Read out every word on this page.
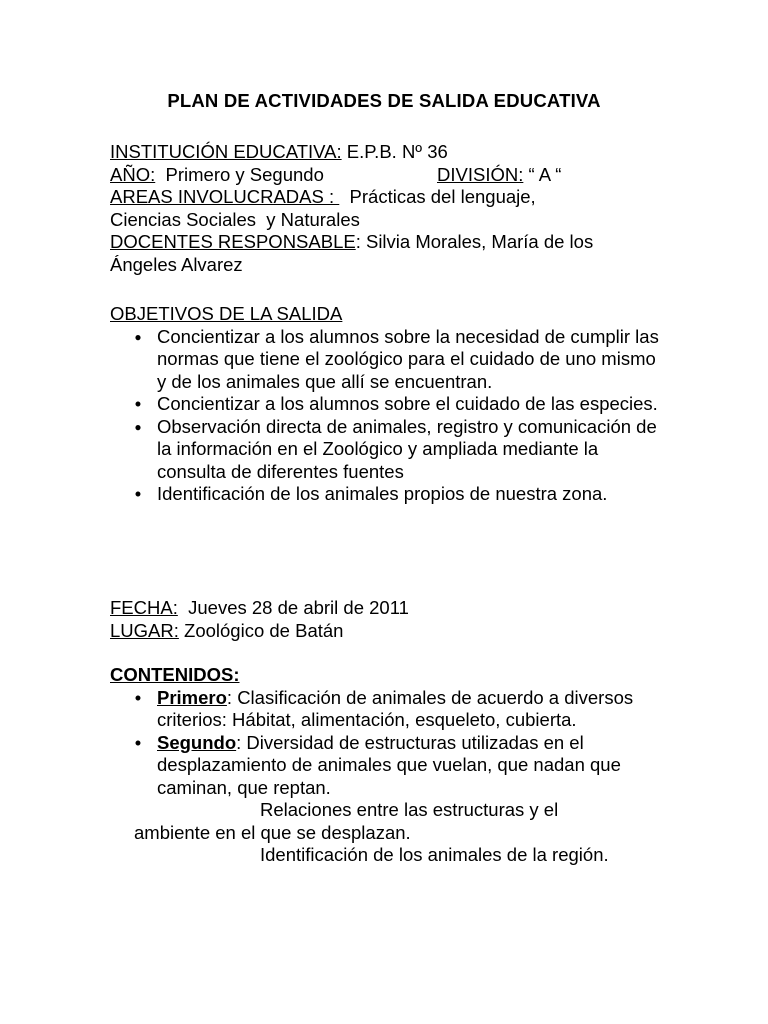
PLAN DE ACTIVIDADES DE SALIDA EDUCATIVA
INSTITUCIÓN EDUCATIVA: E.P.B. Nº 36
AÑO:  Primero y Segundo	DIVISIÓN: “ A “
AREAS INVOLUCRADAS :   Prácticas del lenguaje,
Ciencias Sociales  y Naturales
DOCENTES RESPONSABLE: Silvia Morales, María de los
Ángeles Alvarez
OBJETIVOS DE LA SALIDA
● Concientizar a los alumnos sobre la necesidad de cumplir las normas que tiene el zoológico para el cuidado de uno mismo y de los animales que allí se encuentran.
• Concientizar a los alumnos sobre el cuidado de las especies.
● Observación directa de animales, registro y comunicación de la información en el Zoológico y ampliada mediante la consulta de diferentes fuentes
• Identificación de los animales propios de nuestra zona.
FECHA:  Jueves 28 de abril de 2011
LUGAR: Zoológico de Batán
CONTENIDOS:
• Primero: Clasificación de animales de acuerdo a diversos criterios: Hábitat, alimentación, esqueleto, cubierta.
• Segundo: Diversidad de estructuras utilizadas en el desplazamiento de animales que vuelan, que nadan que caminan, que reptan.
Relaciones entre las estructuras y el
ambiente en el que se desplazan.
Identificación de los animales de la región.
